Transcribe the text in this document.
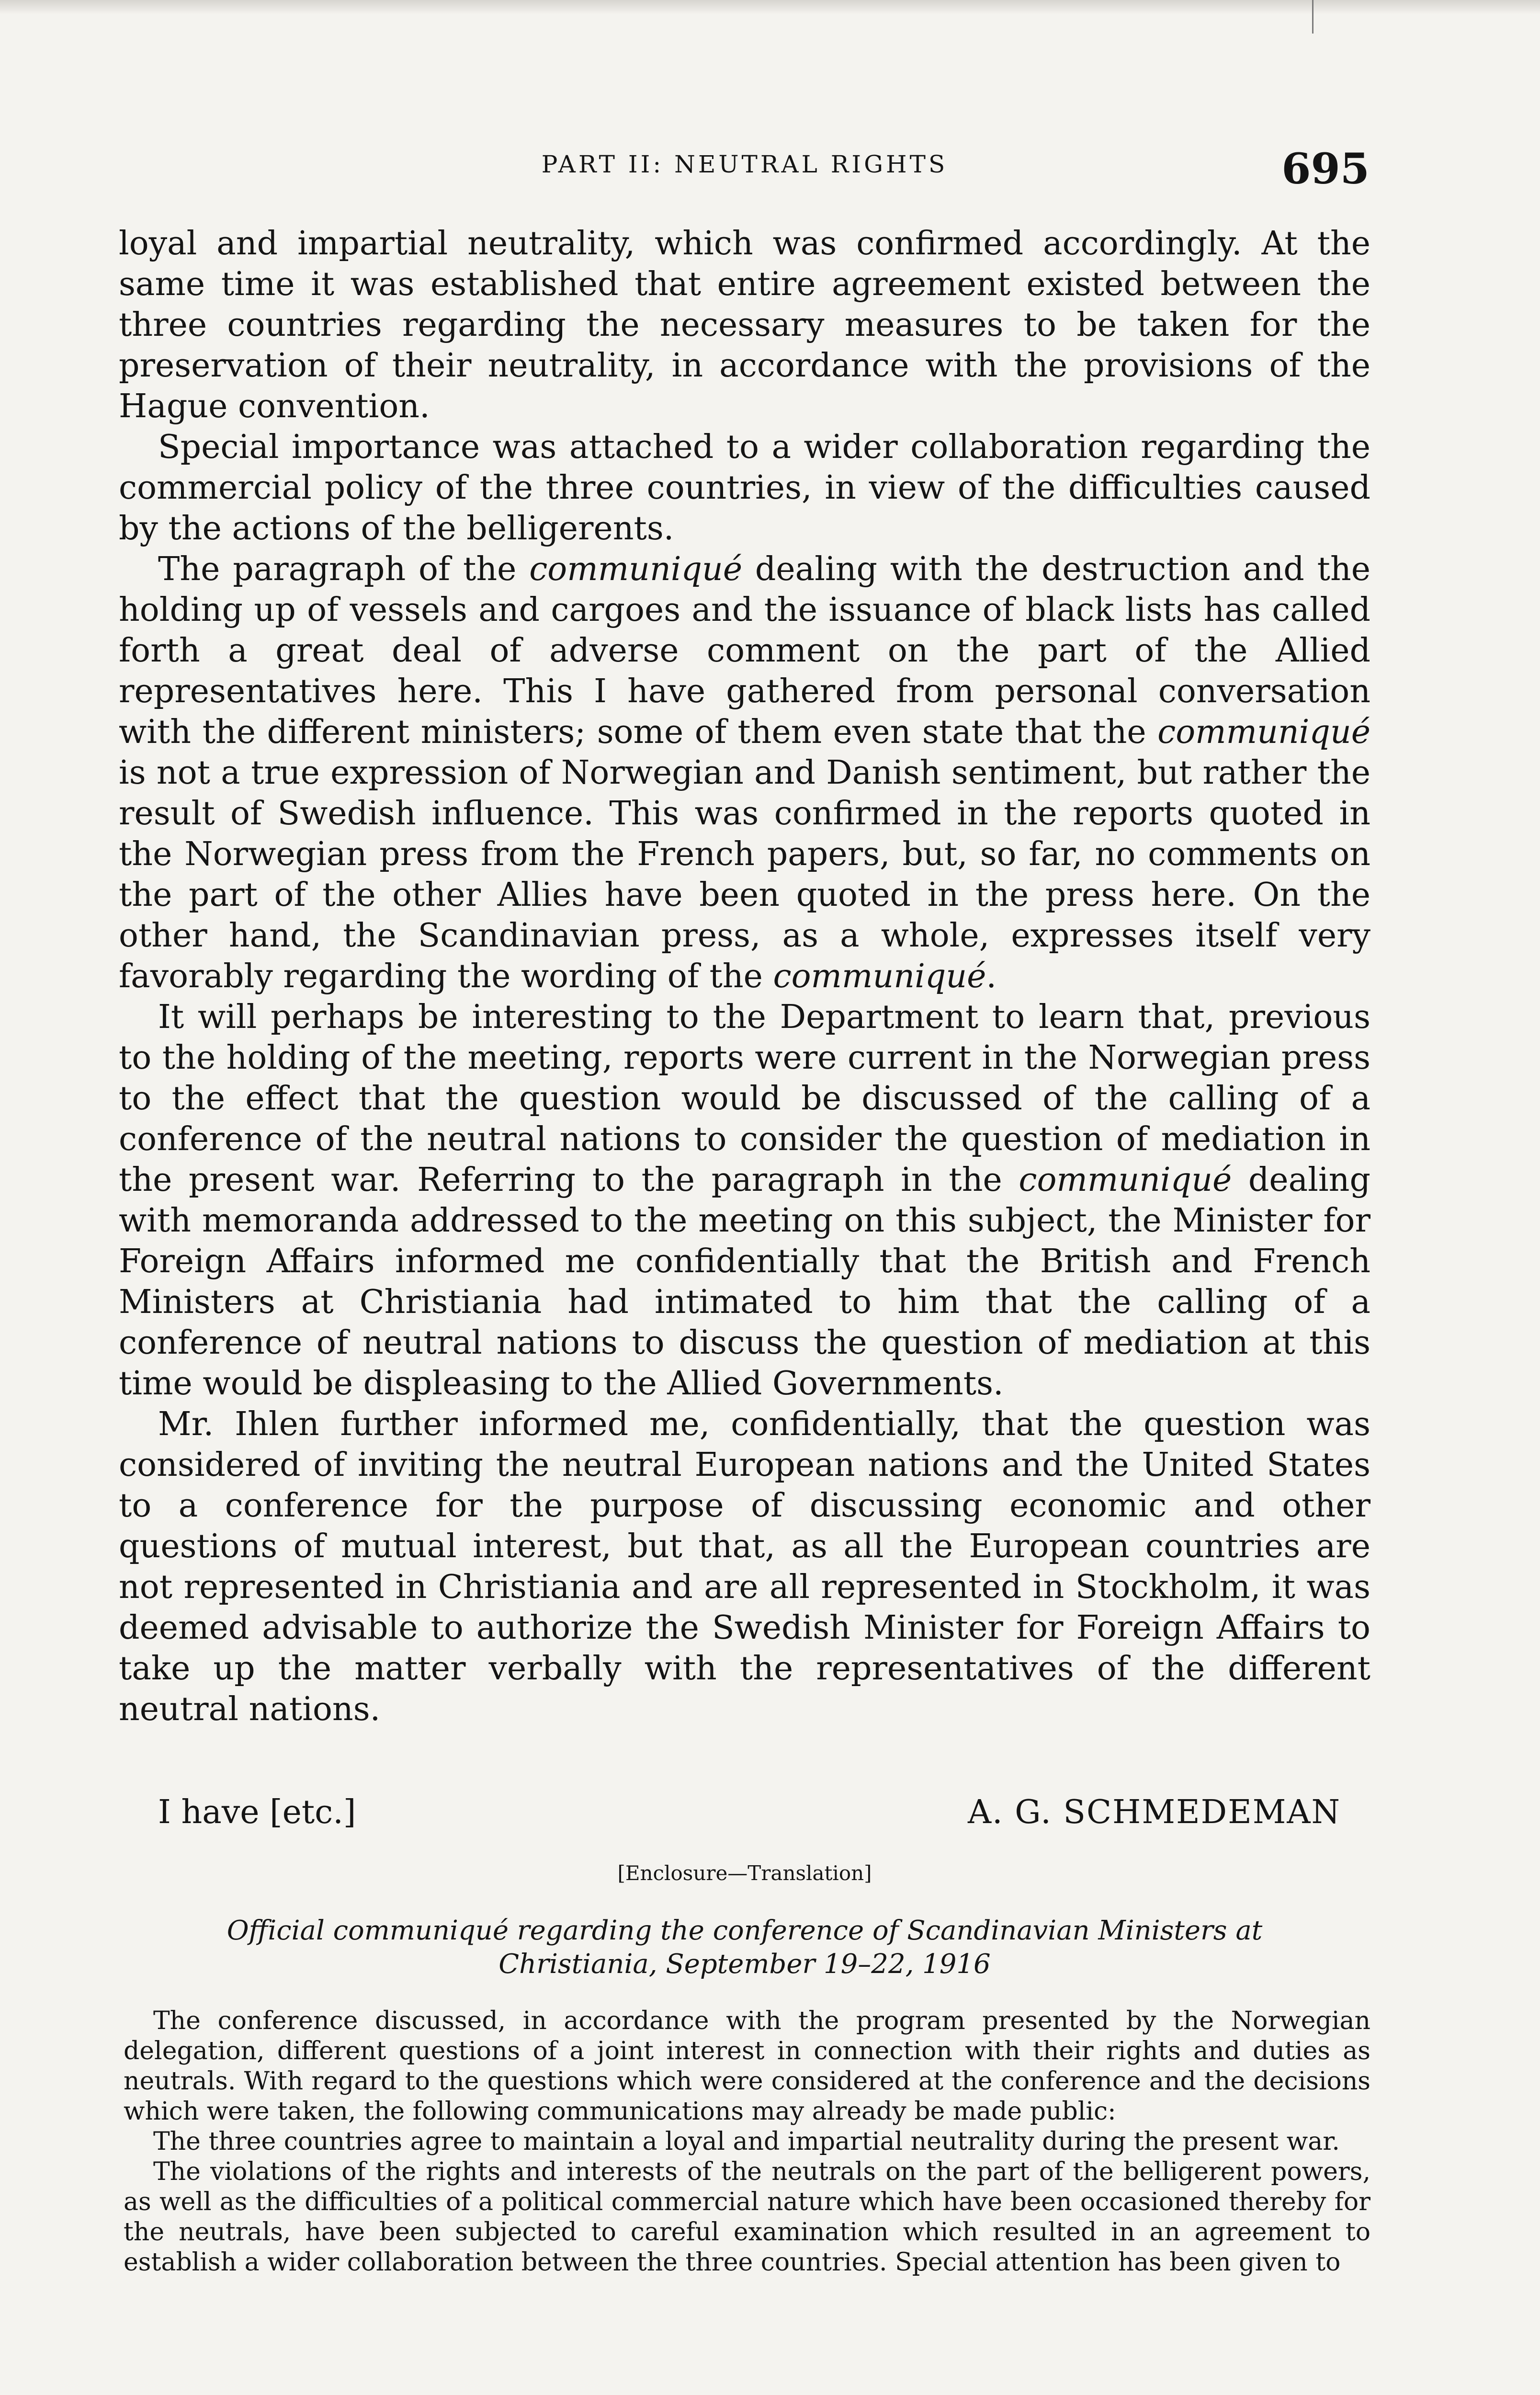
PART II: NEUTRAL RIGHTS	695

loyal and impartial neutrality, which was confirmed accordingly. At the same time it was established that entire agreement existed between the three countries regarding the necessary measures to be taken for the preservation of their neutrality, in accordance with the provisions of the Hague convention.

Special importance was attached to a wider collaboration regarding the commercial policy of the three countries, in view of the difficulties caused by the actions of the belligerents.

The paragraph of the communiqué dealing with the destruction and the holding up of vessels and cargoes and the issuance of black lists has called forth a great deal of adverse comment on the part of the Allied representatives here. This I have gathered from personal conversation with the different ministers; some of them even state that the communiqué is not a true expression of Norwegian and Danish sentiment, but rather the result of Swedish influence. This was confirmed in the reports quoted in the Norwegian press from the French papers, but, so far, no comments on the part of the other Allies have been quoted in the press here. On the other hand, the Scandinavian press, as a whole, expresses itself very favorably regarding the wording of the communiqué.

It will perhaps be interesting to the Department to learn that, previous to the holding of the meeting, reports were current in the Norwegian press to the effect that the question would be discussed of the calling of a conference of the neutral nations to consider the question of mediation in the present war. Referring to the paragraph in the communiqué dealing with memoranda addressed to the meeting on this subject, the Minister for Foreign Affairs informed me confidentially that the British and French Ministers at Christiania had intimated to him that the calling of a conference of neutral nations to discuss the question of mediation at this time would be displeasing to the Allied Governments.

Mr. Ihlen further informed me, confidentially, that the question was considered of inviting the neutral European nations and the United States to a conference for the purpose of discussing economic and other questions of mutual interest, but that, as all the European countries are not represented in Christiania and are all represented in Stockholm, it was deemed advisable to authorize the Swedish Minister for Foreign Affairs to take up the matter verbally with the representatives of the different neutral nations.

I have [etc.]	A. G. SCHMEDEMAN
[Enclosure—Translation]
Official communiqué regarding the conference of Scandinavian Ministers at
Christiania, September 19–22, 1916

The conference discussed, in accordance with the program presented by the Norwegian delegation, different questions of a joint interest in connection with their rights and duties as neutrals. With regard to the questions which were considered at the conference and the decisions which were taken, the following communications may already be made public:

The three countries agree to maintain a loyal and impartial neutrality during the present war.

The violations of the rights and interests of the neutrals on the part of the belligerent powers, as well as the difficulties of a political commercial nature which have been occasioned thereby for the neutrals, have been subjected to careful examination which resulted in an agreement to establish a wider collaboration between the three countries. Special attention has been given to
